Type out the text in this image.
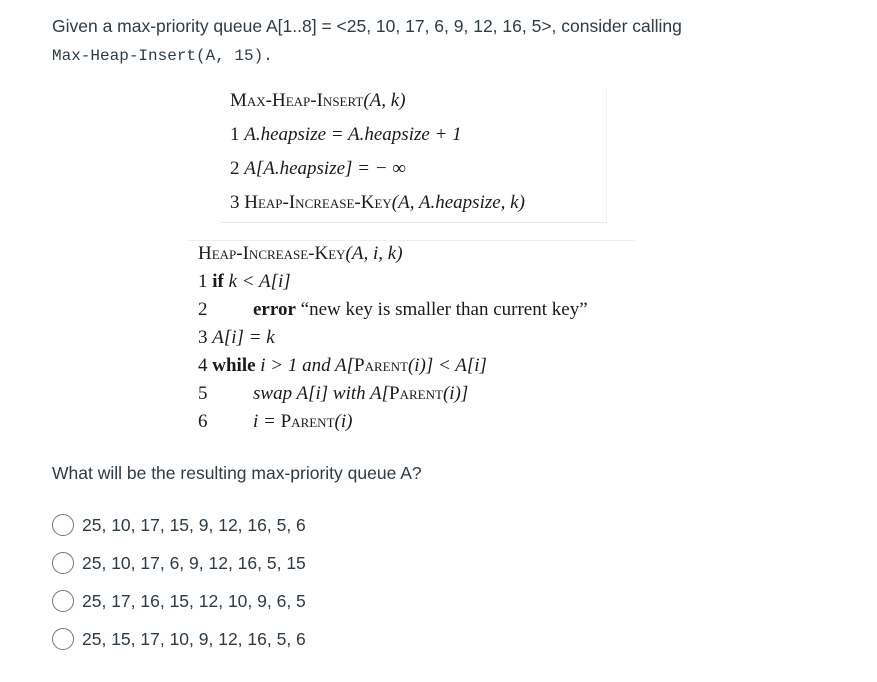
Given a max-priority queue A[1..8] = <25, 10, 17, 6, 9, 12, 16, 5>, consider calling
Max-Heap-Insert(A, 15).
Max-Heap-Insert(A, k)
1 A.heapsize = A.heapsize + 1
2 A[A.heapsize] = − ∞
3 Heap-Increase-Key(A, A.heapsize, k)
Heap-Increase-Key(A, i, k)
1 if k < A[i]
2 error “new key is smaller than current key”
3 A[i] = k
4 while i > 1 and A[Parent(i)] < A[i]
5 swap A[i] with A[Parent(i)]
6 i = Parent(i)
What will be the resulting max-priority queue A?
25, 10, 17, 15, 9, 12, 16, 5, 6
25, 10, 17, 6, 9, 12, 16, 5, 15
25, 17, 16, 15, 12, 10, 9, 6, 5
25, 15, 17, 10, 9, 12, 16, 5, 6
